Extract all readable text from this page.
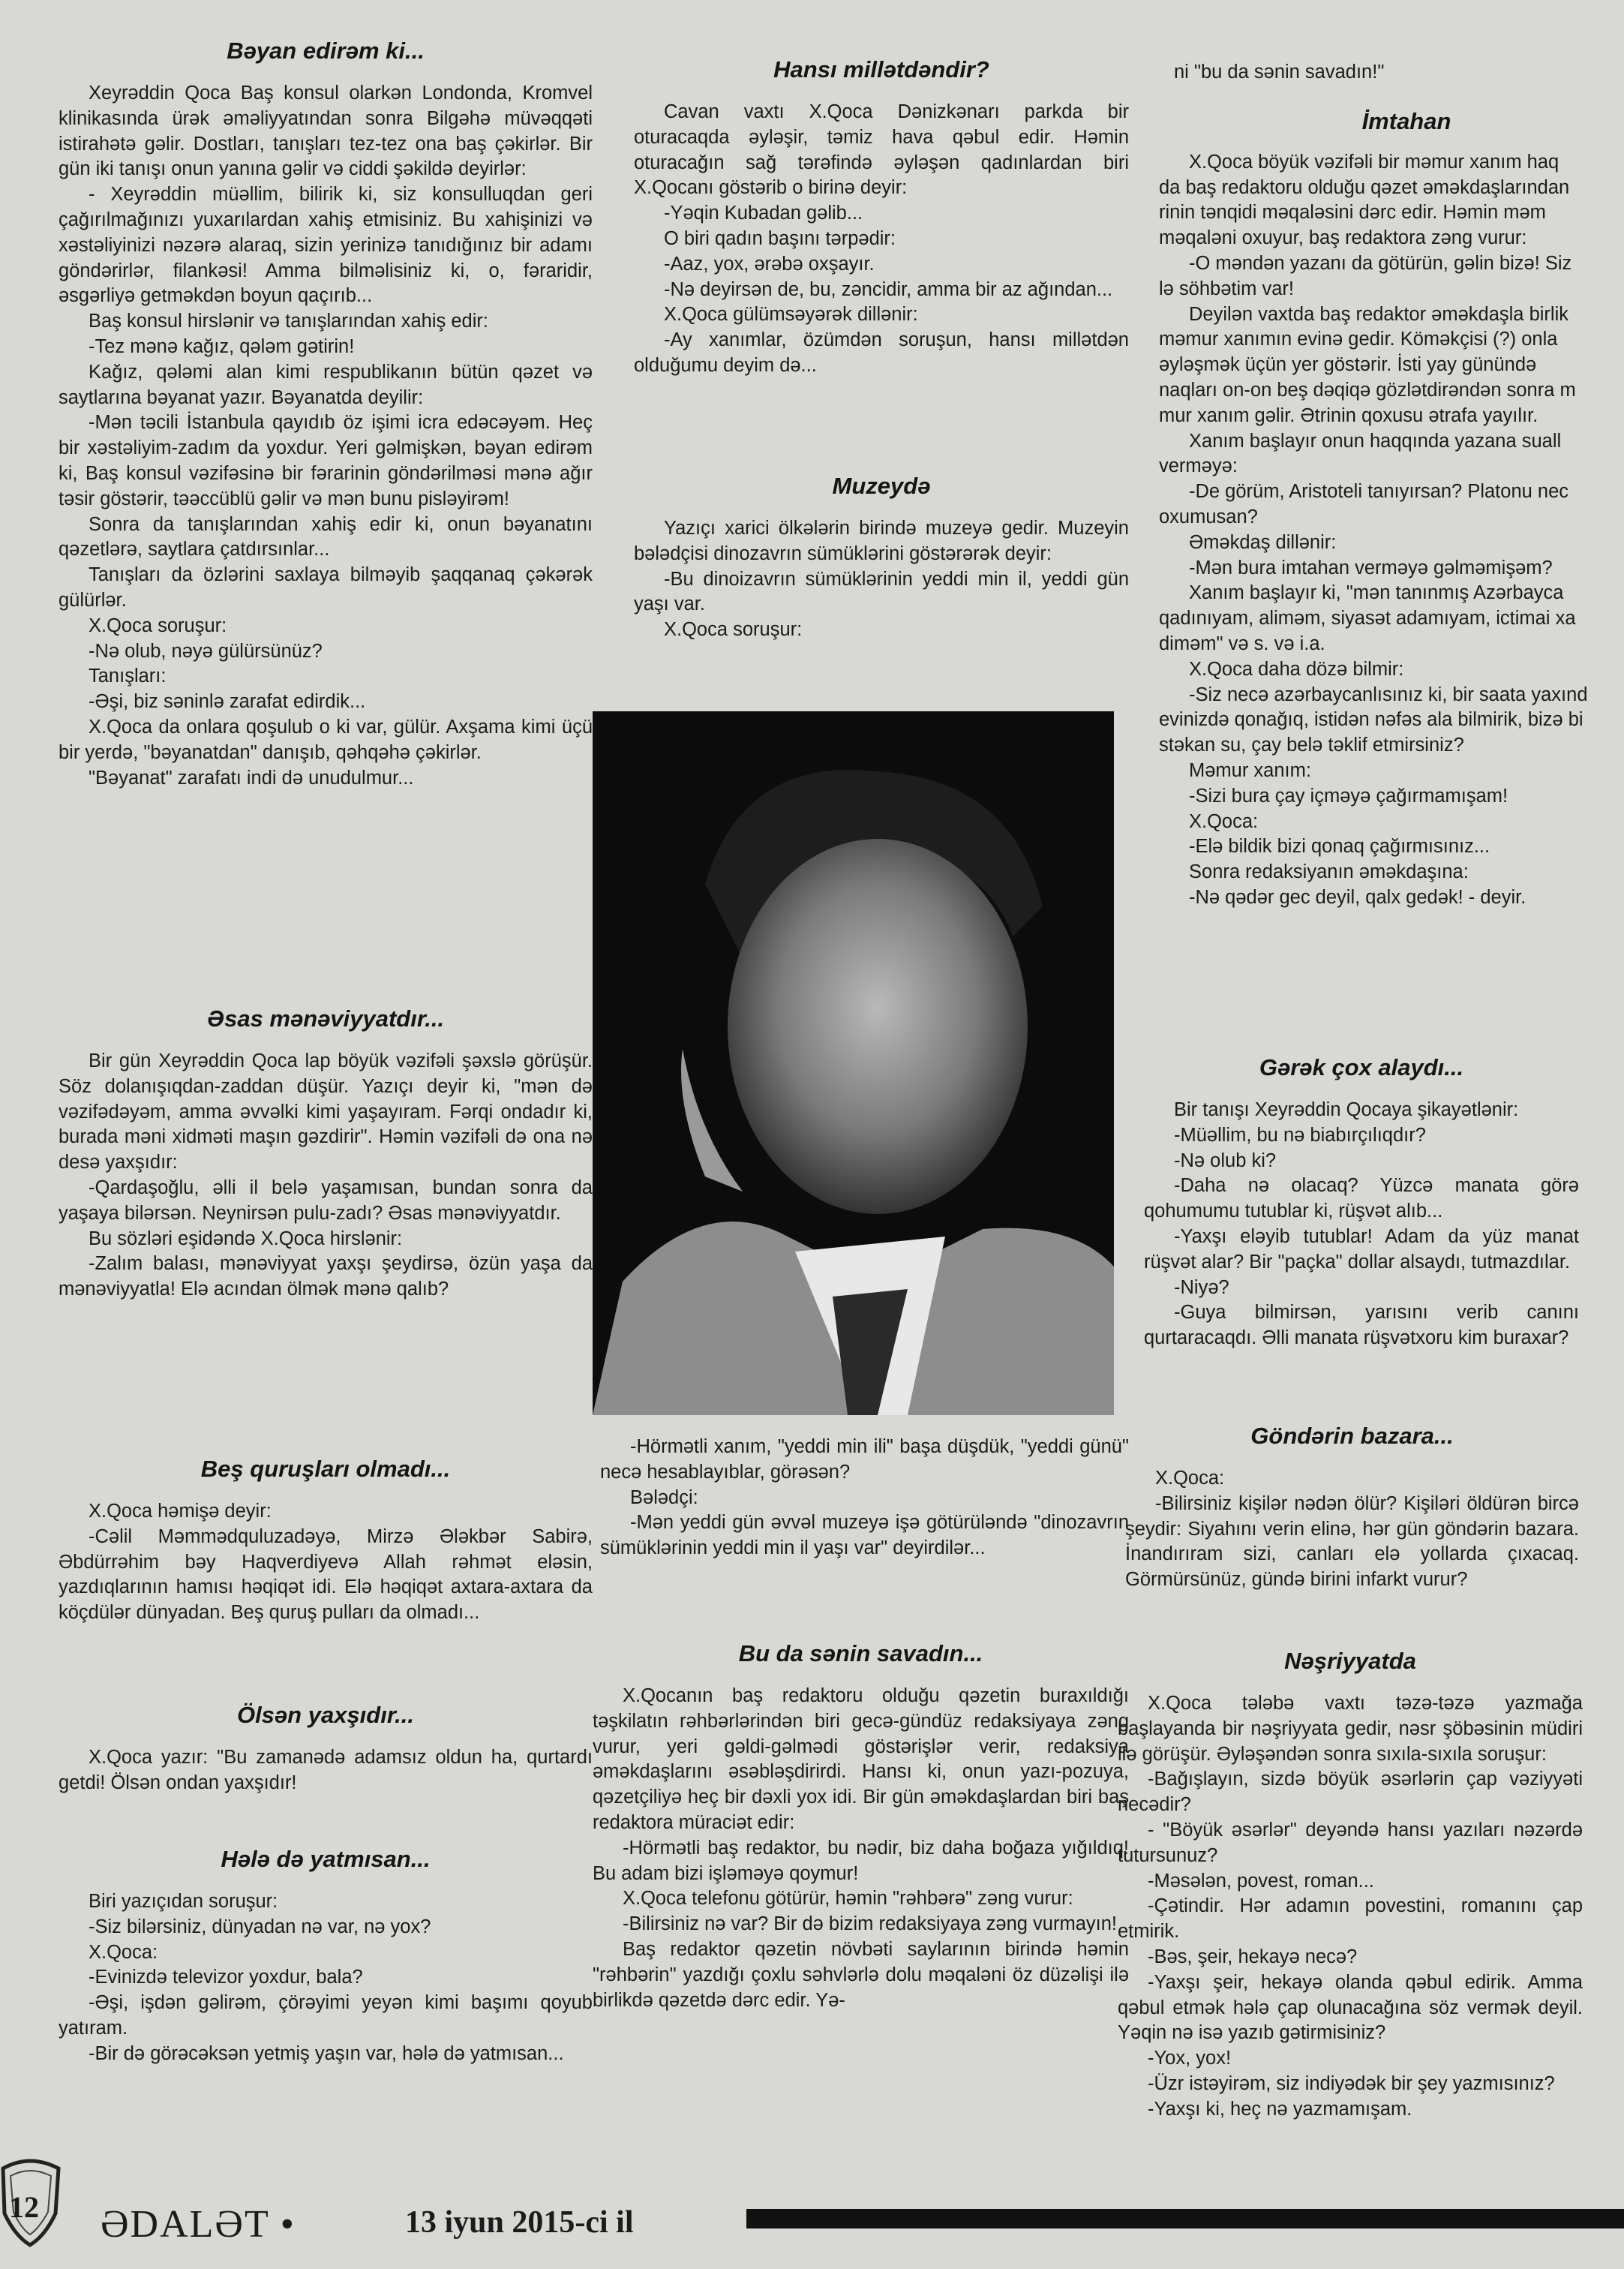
Bəyan edirəm ki...

Xeyrəddin Qoca Baş konsul olarkən Londonda, Kromvel klinikasında ürək əməliyyatından sonra Bilgəhə müvəqqəti istirahətə gəlir. Dostları, tanışları tez-tez ona baş çəkirlər. Bir gün iki tanışı onun yanına gəlir və ciddi şəkildə deyirlər:

- Xeyrəddin müəllim, bilirik ki, siz konsulluqdan geri çağırılmağınızı yuxarılardan xahiş etmisiniz. Bu xahişinizi və xəstəliyinizi nəzərə alaraq, sizin yerinizə tanıdığınız bir adamı göndərirlər, filankəsi! Amma bilməlisiniz ki, o, fəraridir, əsgərliyə getməkdən boyun qaçırıb...

Baş konsul hirslənir və tanışlarından xahiş edir:

-Tez mənə kağız, qələm gətirin!

Kağız, qələmi alan kimi respublikanın bütün qəzet və saytlarına bəyanat yazır. Bəyanatda deyilir:

-Mən təcili İstanbula qayıdıb öz işimi icra edəcəyəm. Heç bir xəstəliyim-zadım da yoxdur. Yeri gəlmişkən, bəyan edirəm ki, Baş konsul vəzifəsinə bir fərarinin göndərilməsi mənə ağır təsir göstərir, təəccüblü gəlir və mən bunu pisləyirəm!

Sonra da tanışlarından xahiş edir ki, onun bəyanatını qəzetlərə, saytlara çatdırsınlar...

Tanışları da özlərini saxlaya bilməyib şaqqanaq çəkərək gülürlər.

X.Qoca soruşur:

-Nə olub, nəyə gülürsünüz?

Tanışları:

-Əşi, biz səninlə zarafat edirdik...

X.Qoca da onlara qoşulub o ki var, gülür. Axşama kimi üçü bir yerdə, "bəyanatdan" danışıb, qəhqəhə çəkirlər.

"Bəyanat" zarafatı indi də unudulmur...

Əsas mənəviyyatdır...

Bir gün Xeyrəddin Qoca lap böyük vəzifəli şəxslə görüşür. Söz dolanışıqdan-zaddan düşür. Yazıçı deyir ki, "mən də vəzifədəyəm, amma əvvəlki kimi yaşayıram. Fərqi ondadır ki, burada məni xidməti maşın gəzdirir". Həmin vəzifəli də ona nə desə yaxşıdır:

-Qardaşoğlu, əlli il belə yaşamısan, bundan sonra da yaşaya bilərsən. Neynirsən pulu-zadı? Əsas mənəviyyatdır.

Bu sözləri eşidəndə X.Qoca hirslənir:

-Zalım balası, mənəviyyat yaxşı şeydirsə, özün yaşa da mənəviyyatla! Elə acından ölmək mənə qalıb?

Beş quruşları olmadı...

X.Qoca həmişə deyir:

-Cəlil Məmmədquluzadəyə, Mirzə Ələkbər Sabirə, Əbdürrəhim bəy Haqverdiyevə Allah rəhmət eləsin, yazdıqlarının hamısı həqiqət idi. Elə həqiqət axtara-axtara da köçdülər dünyadan. Beş quruş pulları da olmadı...

Ölsən yaxşıdır...

X.Qoca yazır: "Bu zamanədə adamsız oldun ha, qurtardı getdi! Ölsən ondan yaxşıdır!

Hələ də yatmısan...

Biri yazıçıdan soruşur:

-Siz bilərsiniz, dünyadan nə var, nə yox?

X.Qoca:

-Evinizdə televizor yoxdur, bala?

-Əşi, işdən gəlirəm, çörəyimi yeyən kimi başımı qoyub yatıram.

-Bir də görəcəksən yetmiş yaşın var, hələ də yatmısan...

Hansı millətdəndir?

Cavan vaxtı X.Qoca Dənizkənarı parkda bir oturacaqda əyləşir, təmiz hava qəbul edir. Həmin oturacağın sağ tərəfində əyləşən qadınlardan biri X.Qocanı göstərib o birinə deyir:

-Yəqin Kubadan gəlib...

O biri qadın başını tərpədir:

-Aaz, yox, ərəbə oxşayır.

-Nə deyirsən de, bu, zəncidir, amma bir az ağından...

X.Qoca gülümsəyərək dillənir:

-Ay xanımlar, özümdən soruşun, hansı millətdən olduğumu deyim də...

Muzeydə

Yazıçı xarici ölkələrin birində muzeyə gedir. Muzeyin bələdçisi dinozavrın sümüklərini göstərərək deyir:

-Bu dinoizavrın sümüklərinin yeddi min il, yeddi gün yaşı var.

X.Qoca soruşur:

-Hörmətli xanım, "yeddi min ili" başa düşdük, "yeddi günü" necə hesablayıblar, görəsən?

Bələdçi:

-Mən yeddi gün əvvəl muzeyə işə götürüləndə "dinozavrın sümüklərinin yeddi min il yaşı var" deyirdilər...

Bu da sənin savadın...

X.Qocanın baş redaktoru olduğu qəzetin buraxıldığı təşkilatın rəhbərlərindən biri gecə-gündüz redaksiyaya zəng vurur, yeri gəldi-gəlmədi göstərişlər verir, redaksiya əməkdaşlarını əsəbləşdirirdi. Hansı ki, onun yazı-pozuya, qəzetçiliyə heç bir dəxli yox idi. Bir gün əməkdaşlardan biri baş redaktora müraciət edir:

-Hörmətli baş redaktor, bu nədir, biz daha boğaza yığıldıq! Bu adam bizi işləməyə qoymur!

X.Qoca telefonu götürür, həmin "rəhbərə" zəng vurur:

-Bilirsiniz nə var? Bir də bizim redaksiyaya zəng vurmayın!

Baş redaktor qəzetin növbəti saylarının birində həmin "rəhbərin" yazdığı çoxlu səhvlərlə dolu məqaləni öz düzəlişi ilə birlikdə qəzetdə dərc edir. Yə-

ni "bu da sənin savadın!"
İmtahan
X.Qoca böyük vəzifəli bir məmur xanım haq
da baş redaktoru olduğu qəzet əməkdaşlarından
rinin tənqidi məqaləsini dərc edir. Həmin məm
məqaləni oxuyur, baş redaktora zəng vurur:
-O məndən yazanı da götürün, gəlin bizə! Siz
lə söhbətim var!
Deyilən vaxtda baş redaktor əməkdaşla birlik
məmur xanımın evinə gedir. Köməkçisi (?) onla
əyləşmək üçün yer göstərir. İsti yay günündə
naqları on-on beş dəqiqə gözlətdirəndən sonra m
mur xanım gəlir. Ətrinin qoxusu ətrafa yayılır.
Xanım başlayır onun haqqında yazana suall
verməyə:
-De görüm, Aristoteli tanıyırsan? Platonu nec
oxumusan?
Əməkdaş dillənir:
-Mən bura imtahan verməyə gəlməmişəm?
Xanım başlayır ki, "mən tanınmış Azərbayca
qadınıyam, aliməm, siyasət adamıyam, ictimai xa
diməm" və s. və i.a.
X.Qoca daha dözə bilmir:
-Siz necə azərbaycanlısınız ki, bir saata yaxınd
evinizdə qonağıq, istidən nəfəs ala bilmirik, bizə bi
stəkan su, çay belə təklif etmirsiniz?
Məmur xanım:
-Sizi bura çay içməyə çağırmamışam!
X.Qoca:
-Elə bildik bizi qonaq çağırmısınız...
Sonra redaksiyanın əməkdaşına:
-Nə qədər gec deyil, qalx gedək! - deyir.
Gərək çox alaydı...

Bir tanışı Xeyrəddin Qocaya şikayətlənir:

-Müəllim, bu nə biabırçılıqdır?

-Nə olub ki?

-Daha nə olacaq? Yüzcə manata görə qohumumu tutublar ki, rüşvət alıb...

-Yaxşı eləyib tutublar! Adam da yüz manat rüşvət alar? Bir "paçka" dollar alsaydı, tutmazdılar.

-Niyə?

-Guya bilmirsən, yarısını verib canını qurtaracaqdı. Əlli manata rüşvətxoru kim buraxar?

Göndərin bazara...

X.Qoca:

-Bilirsiniz kişilər nədən ölür? Kişiləri öldürən bircə şeydir: Siyahını verin elinə, hər gün göndərin bazara. İnandırıram sizi, canları elə yollarda çıxacaq. Görmürsünüz, gündə birini infarkt vurur?

Nəşriyyatda

X.Qoca tələbə vaxtı təzə-təzə yazmağa başlayanda bir nəşriyyata gedir, nəsr şöbəsinin müdiri ilə görüşür. Əyləşəndən sonra sıxıla-sıxıla soruşur:

-Bağışlayın, sizdə böyük əsərlərin çap vəziyyəti necədir?

- "Böyük əsərlər" deyəndə hansı yazıları nəzərdə tutursunuz?

-Məsələn, povest, roman...

-Çətindir. Hər adamın povestini, romanını çap etmirik.

-Bəs, şeir, hekayə necə?

-Yaxşı şeir, hekayə olanda qəbul edirik. Amma qəbul etmək hələ çap olunacağına söz vermək deyil. Yəqin nə isə yazıb gətirmisiniz?

-Yox, yox!

-Üzr istəyirəm, siz indiyədək bir şey yazmısınız?

-Yaxşı ki, heç nə yazmamışam.

12 ƏDALƏT •	13 iyun 2015-ci il
